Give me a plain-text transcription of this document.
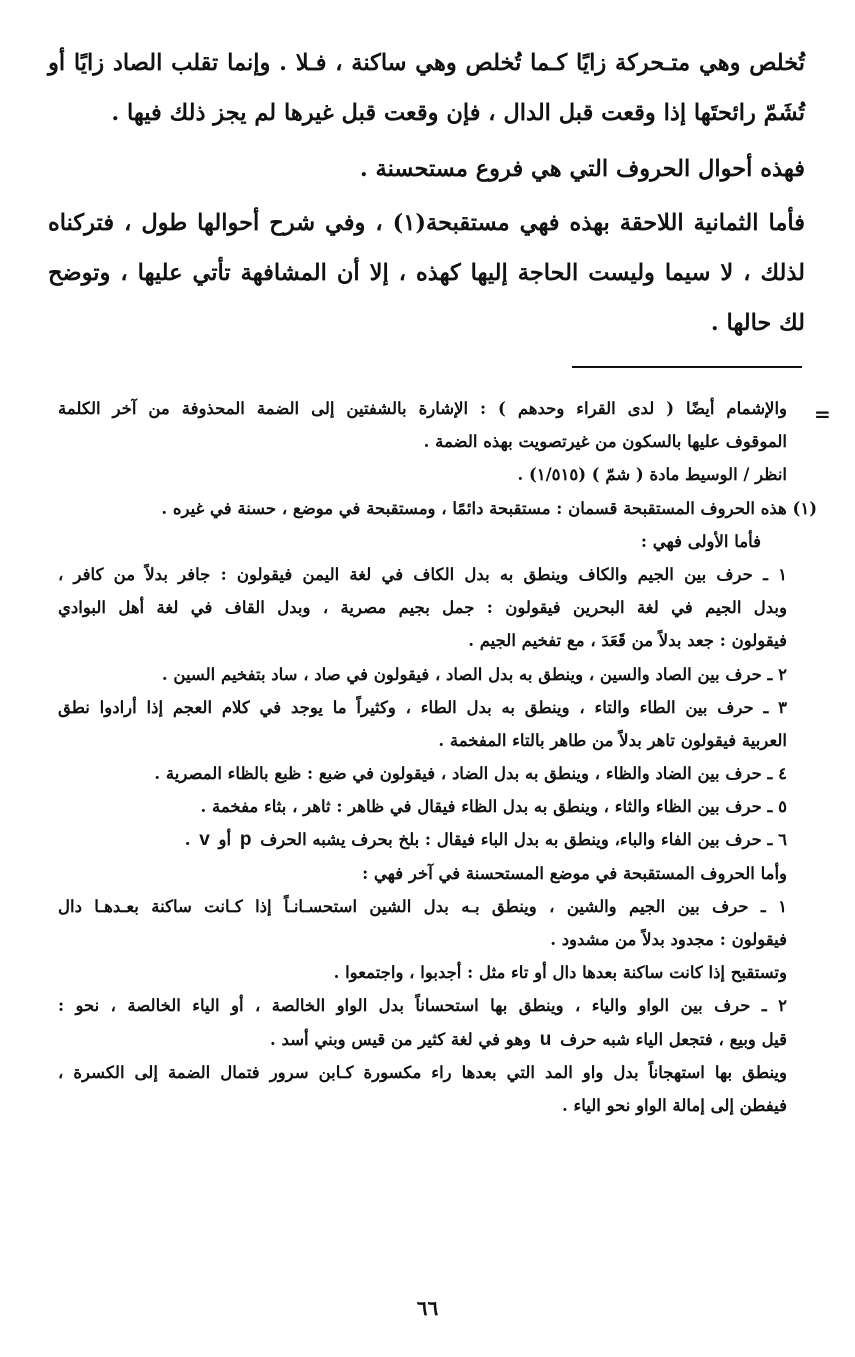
تُخلص وهي متـحركة زايًا كـما تُخلص وهي ساكنة ، فـلا . وإنما تقلب الصاد زايًا أو تُشَمّ رائحتَها إذا وقعت قبل الدال ، فإن وقعت قبل غيرها لم يجز ذلك فيها .

فهذه أحوال الحروف التي هي فروع مستحسنة .

فأما الثمانية اللاحقة بهذه فهي مستقبحة(١) ، وفي شرح أحوالها طول ، فتركناه لذلك ، لا سيما وليست الحاجة إليها كهذه ، إلا أن المشافهة تأتي عليها ، وتوضح لك حالها .

=
والإشمام أيضًا ( لدى القراء وحدهم ) : الإشارة بالشفتين إلى الضمة المحذوفة من آخر الكلمة
الموقوف عليها بالسكون من غيرتصويت بهذه الضمة .
انظر / الوسيط مادة ( شمّ ) (١/٥١٥) .
(١) هذه الحروف المستقبحة قسمان : مستقبحة دائمًا ، ومستقبحة في موضع ، حسنة في غيره .
فأما الأولى فهي :
١ ـ حرف بين الجيم والكاف وينطق به بدل الكاف في لغة اليمن فيقولون : جافر بدلاً من كافر ،
وبدل الجيم في لغة البحرين فيقولون : جمل بجيم مصرية ، وبدل القاف في لغة أهل البوادي
فيقولون : جعد بدلاً من قَعَدَ ، مع تفخيم الجيم .
٢ ـ حرف بين الصاد والسين ، وينطق به بدل الصاد ، فيقولون في صاد ، ساد بتفخيم السين .
٣ ـ حرف بين الطاء والتاء ، وينطق به بدل الطاء ، وكثيراً ما يوجد في كلام العجم إذا أرادوا نطق
العربية فيقولون تاهر بدلاً من طاهر بالتاء المفخمة .
٤ ـ حرف بين الضاد والظاء ، وينطق به بدل الضاد ، فيقولون في ضبع : ظبع بالظاء المصرية .
٥ ـ حرف بين الظاء والثاء ، وينطق به بدل الظاء فيقال في ظاهر : ثاهر ، بثاء مفخمة .
٦ ـ حرف بين الفاء والباء، وينطق به بدل الباء فيقال : بلخ بحرف يشبه الحرف p أو v .
وأما الحروف المستقبحة في موضع المستحسنة في آخر فهي :
١ ـ حرف بين الجيم والشين ، وينطق بـه بدل الشين استحسـانـاً إذا كـانت ساكنة بعـدهـا دال
فيقولون : مجدود بدلاً من مشدود .
وتستقبح إذا كانت ساكنة بعدها دال أو تاء مثل : أجدبوا ، واجتمعوا .
٢ ـ حرف بين الواو والياء ، وينطق بها استحساناً بدل الواو الخالصة ، أو الياء الخالصة ، نحو :
قيل وبيع ، فتجعل الياء شبه حرف u وهو في لغة كثير من قيس وبني أسد .
وينطق بها استهجاناً بدل واو المد التي بعدها راء مكسورة كـابن سرور فتمال الضمة إلى الكسرة ،
فيفطن إلى إمالة الواو نحو الياء .
٦٦
